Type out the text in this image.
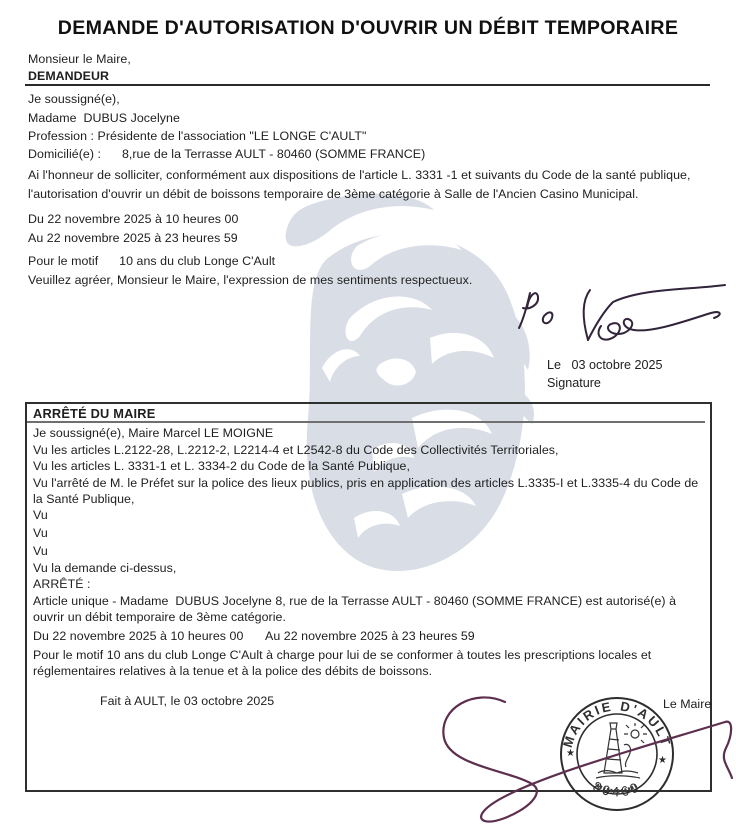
DEMANDE D'AUTORISATION D'OUVRIR UN DÉBIT TEMPORAIRE
Monsieur le Maire,
DEMANDEUR
Je soussigné(e),
Madame  DUBUS Jocelyne
Profession : Présidente de l'association "LE LONGE C'AULT"
Domicilié(e) :      8,rue de la Terrasse AULT - 80460 (SOMME FRANCE)
Ai l'honneur de solliciter, conformément aux dispositions de l'article L. 3331 -1 et suivants du Code de la santé publique, l'autorisation d'ouvrir un débit de boissons temporaire de 3ème catégorie à Salle de l'Ancien Casino Municipal.
Du 22 novembre 2025 à 10 heures 00
Au 22 novembre 2025 à 23 heures 59
Pour le motif      10 ans du club Longe C'Ault
Veuillez agréer, Monsieur le Maire, l'expression de mes sentiments respectueux.
Le   03 octobre 2025
Signature
ARRÊTÉ DU MAIRE
Je soussigné(e), Maire Marcel LE MOIGNE
Vu les articles L.2122-28, L.2212-2, L2214-4 et L2542-8 du Code des Collectivités Territoriales,
Vu les articles L. 3331-1 et L. 3334-2 du Code de la Santé Publique,
Vu l'arrêté de M. le Préfet sur la police des lieux publics, pris en application des articles L.3335-I et L.3335-4 du Code de la Santé Publique,
Vu
Vu
Vu
Vu la demande ci-dessus,
ARRÊTÉ :
Article unique - Madame  DUBUS Jocelyne 8, rue de la Terrasse AULT - 80460 (SOMME FRANCE) est autorisé(e) à ouvrir un débit temporaire de 3ème catégorie.
Du 22 novembre 2025 à 10 heures 00 Au 22 novembre 2025 à 23 heures 59
Pour le motif 10 ans du club Longe C'Ault à charge pour lui de se conformer à toutes les prescriptions locales et réglementaires relatives à la tenue et à la police des débits de boissons.
Fait à AULT, le 03 octobre 2025	Le Maire
MAIRIE D'AULT
80460
★
★
